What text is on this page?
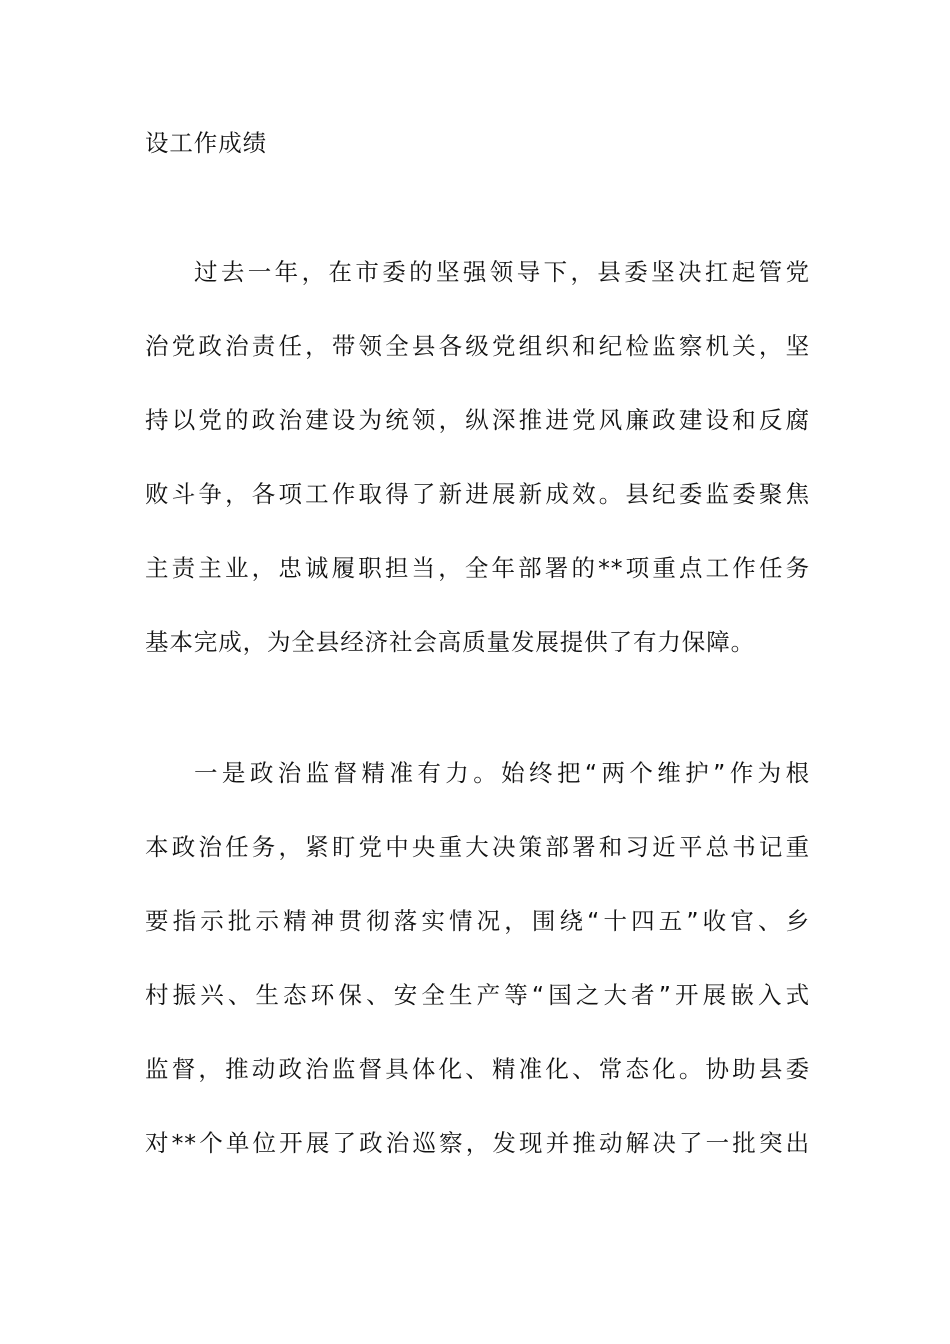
设工作成绩
过去一年，在市委的坚强领导下，县委坚决扛起管党
治党政治责任，带领全县各级党组织和纪检监察机关，坚
持以党的政治建设为统领，纵深推进党风廉政建设和反腐
败斗争，各项工作取得了新进展新成效。县纪委监委聚焦
主责主业，忠诚履职担当，全年部署的**项重点工作任务
基本完成，为全县经济社会高质量发展提供了有力保障。
一是政治监督精准有力。始终把“两个维护”作为根
本政治任务，紧盯党中央重大决策部署和习近平总书记重
要指示批示精神贯彻落实情况，围绕“十四五”收官、乡
村振兴、生态环保、安全生产等“国之大者”开展嵌入式
监督，推动政治监督具体化、精准化、常态化。协助县委
对**个单位开展了政治巡察，发现并推动解决了一批突出
